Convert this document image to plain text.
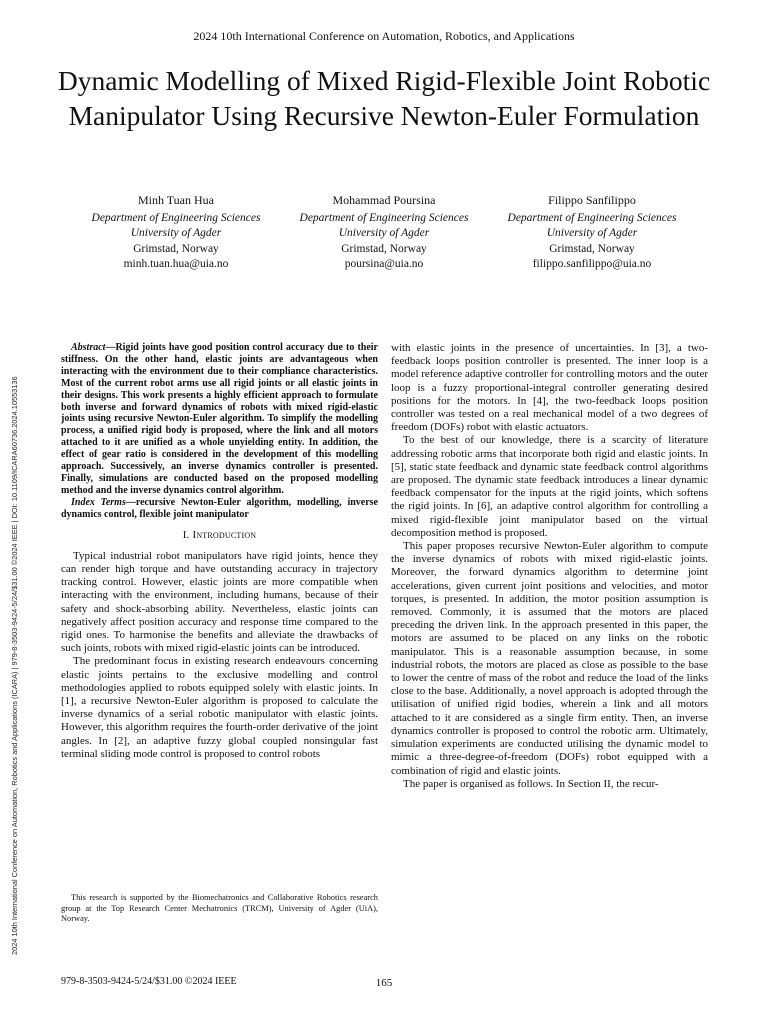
2024 10th International Conference on Automation, Robotics, and Applications
Dynamic Modelling of Mixed Rigid-Flexible Joint Robotic Manipulator Using Recursive Newton-Euler Formulation
Minh Tuan Hua
Department of Engineering Sciences
University of Agder
Grimstad, Norway
minh.tuan.hua@uia.no
Mohammad Poursina
Department of Engineering Sciences
University of Agder
Grimstad, Norway
poursina@uia.no
Filippo Sanfilippo
Department of Engineering Sciences
University of Agder
Grimstad, Norway
filippo.sanfilippo@uia.no
2024 10th International Conference on Automation, Robotics and Applications (ICARA) | 979-8-3503-9424-5/24/$31.00 ©2024 IEEE | DOI: 10.1109/ICARA60736.2024.10553136

Abstract—Rigid joints have good position control accuracy due to their stiffness. On the other hand, elastic joints are advantageous when interacting with the environment due to their compliance characteristics. Most of the current robot arms use all rigid joints or all elastic joints in their designs. This work presents a highly efficient approach to formulate both inverse and forward dynamics of robots with mixed rigid-elastic joints using recursive Newton-Euler algorithm. To simplify the modelling process, a unified rigid body is proposed, where the link and all motors attached to it are unified as a whole unyielding entity. In addition, the effect of gear ratio is considered in the development of this modelling approach. Successively, an inverse dynamics controller is presented. Finally, simulations are conducted based on the proposed modelling method and the inverse dynamics control algorithm.

Index Terms—recursive Newton-Euler algorithm, modelling, inverse dynamics control, flexible joint manipulator

I. Introduction

Typical industrial robot manipulators have rigid joints, hence they can render high torque and have outstanding accuracy in trajectory tracking control. However, elastic joints are more compatible when interacting with the environment, including humans, because of their safety and shock-absorbing ability. Nevertheless, elastic joints can negatively affect position accuracy and response time compared to the rigid ones. To harmonise the benefits and alleviate the drawbacks of such joints, robots with mixed rigid-elastic joints can be introduced.

The predominant focus in existing research endeavours concerning elastic joints pertains to the exclusive modelling and control methodologies applied to robots equipped solely with elastic joints. In [1], a recursive Newton-Euler algorithm is proposed to calculate the inverse dynamics of a serial robotic manipulator with elastic joints. However, this algorithm requires the fourth-order derivative of the joint angles. In [2], an adaptive fuzzy global coupled nonsingular fast terminal sliding mode control is proposed to control robots

with elastic joints in the presence of uncertainties. In [3], a two-feedback loops position controller is presented. The inner loop is a model reference adaptive controller for controlling motors and the outer loop is a fuzzy proportional-integral controller generating desired positions for the motors. In [4], the two-feedback loops position controller was tested on a real mechanical model of a two degrees of freedom (DOFs) robot with elastic actuators.

To the best of our knowledge, there is a scarcity of literature addressing robotic arms that incorporate both rigid and elastic joints. In [5], static state feedback and dynamic state feedback control algorithms are proposed. The dynamic state feedback introduces a linear dynamic feedback compensator for the inputs at the rigid joints, which softens the rigid joints. In [6], an adaptive control algorithm for controlling a mixed rigid-flexible joint manipulator based on the virtual decomposition method is proposed.

This paper proposes recursive Newton-Euler algorithm to compute the inverse dynamics of robots with mixed rigid-elastic joints. Moreover, the forward dynamics algorithm to determine joint accelerations, given current joint positions and velocities, and motor torques, is presented. In addition, the motor position assumption is removed. Commonly, it is assumed that the motors are placed preceding the driven link. In the approach presented in this paper, the motors are assumed to be placed on any links on the robotic manipulator. This is a reasonable assumption because, in some industrial robots, the motors are placed as close as possible to the base to lower the centre of mass of the robot and reduce the load of the links close to the base. Additionally, a novel approach is adopted through the utilisation of unified rigid bodies, wherein a link and all motors attached to it are considered as a single firm entity. Then, an inverse dynamics controller is proposed to control the robotic arm. Ultimately, simulation experiments are conducted utilising the dynamic model to mimic a three-degree-of-freedom (DOFs) robot equipped with a combination of rigid and elastic joints.

The paper is organised as follows. In Section II, the recur-

This research is supported by the Biomechatronics and Collaborative Robotics research group at the Top Research Center Mechatronics (TRCM), University of Agder (UiA), Norway.
979-8-3503-9424-5/24/$31.00 ©2024 IEEE	165
